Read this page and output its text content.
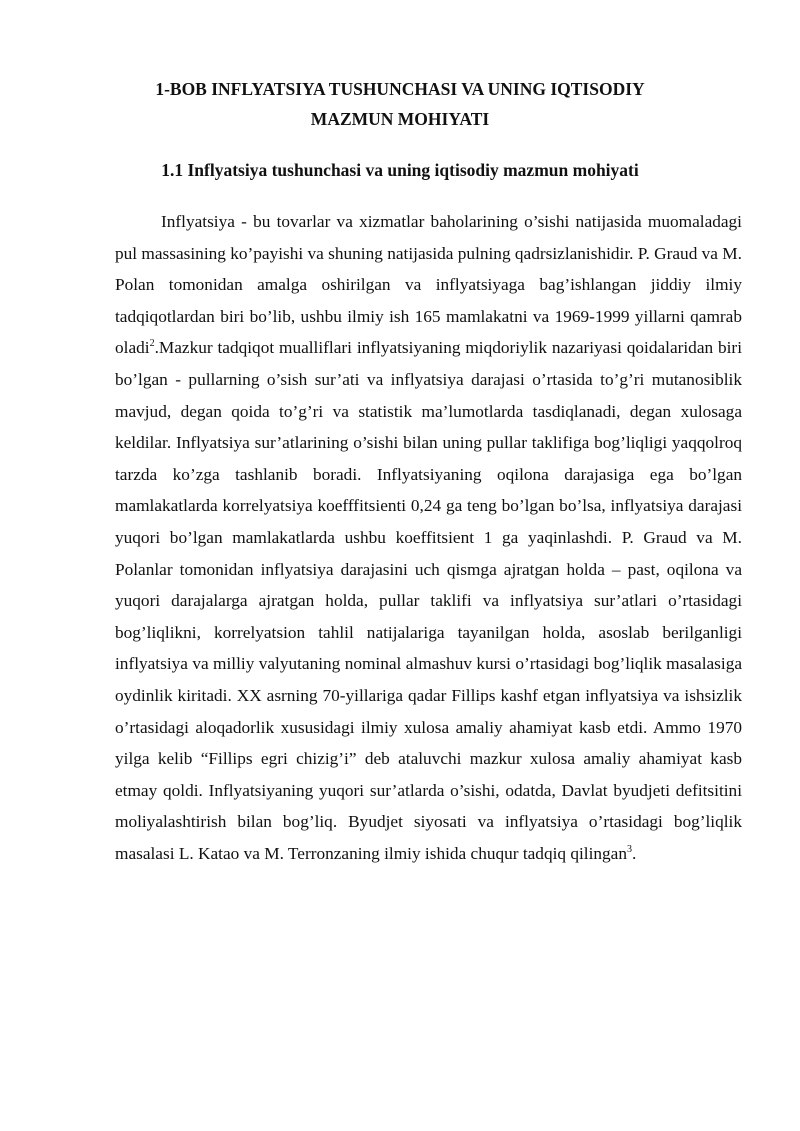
1-BOB INFLYATSIYA TUSHUNCHASI VA UNING IQTISODIY
MAZMUN MOHIYATI
1.1 Inflyatsiya tushunchasi va uning iqtisodiy mazmun mohiyati

Inflyatsiya - bu tovarlar va xizmatlar baholarining o’sishi natijasida muomaladagi pul massasining ko’payishi va shuning natijasida pulning qadrsizlanishidir. P. Graud va M. Polan tomonidan amalga oshirilgan va inflyatsiyaga bag’ishlangan jiddiy ilmiy tadqiqotlardan biri bo’lib, ushbu ilmiy ish 165 mamlakatni va 1969-1999 yillarni qamrab oladi$^2$.Mazkur tadqiqot mualliflari inflyatsiyaning miqdoriylik nazariyasi qoidalaridan biri bo’lgan - pullarning o’sish sur’ati va inflyatsiya darajasi o’rtasida to’g’ri mutanosiblik mavjud, degan qoida to’g’ri va statistik ma’lumotlarda tasdiqlanadi, degan xulosaga keldilar. Inflyatsiya sur’atlarining o’sishi bilan uning pullar taklifiga bog’liqligi yaqqolroq tarzda ko’zga tashlanib boradi. Inflyatsiyaning oqilona darajasiga ega bo’lgan mamlakatlarda korrelyatsiya koefffitsienti 0,24 ga teng bo’lgan bo’lsa, inflyatsiya darajasi yuqori bo’lgan mamlakatlarda ushbu koeffitsient 1 ga yaqinlashdi. P. Graud va M. Polanlar tomonidan inflyatsiya darajasini uch qismga ajratgan holda – past, oqilona va yuqori darajalarga ajratgan holda, pullar taklifi va inflyatsiya sur’atlari o’rtasidagi bog’liqlikni, korrelyatsion tahlil natijalariga tayanilgan holda, asoslab berilganligi inflyatsiya va milliy valyutaning nominal almashuv kursi o’rtasidagi bog’liqlik masalasiga oydinlik kiritadi. XX asrning 70-yillariga qadar Fillips kashf etgan inflyatsiya va ishsizlik o’rtasidagi aloqadorlik xususidagi ilmiy xulosa amaliy ahamiyat kasb etdi. Ammo 1970 yilga kelib “Fillips egri chizig’i” deb ataluvchi mazkur xulosa amaliy ahamiyat kasb etmay qoldi. Inflyatsiyaning yuqori sur’atlarda o’sishi, odatda, Davlat byudjeti defitsitini moliyalashtirish bilan bog’liq. Byudjet siyosati va inflyatsiya o’rtasidagi bog’liqlik masalasi L. Katao va M. Terronzaning ilmiy ishida chuqur tadqiq qilingan$^3$.
